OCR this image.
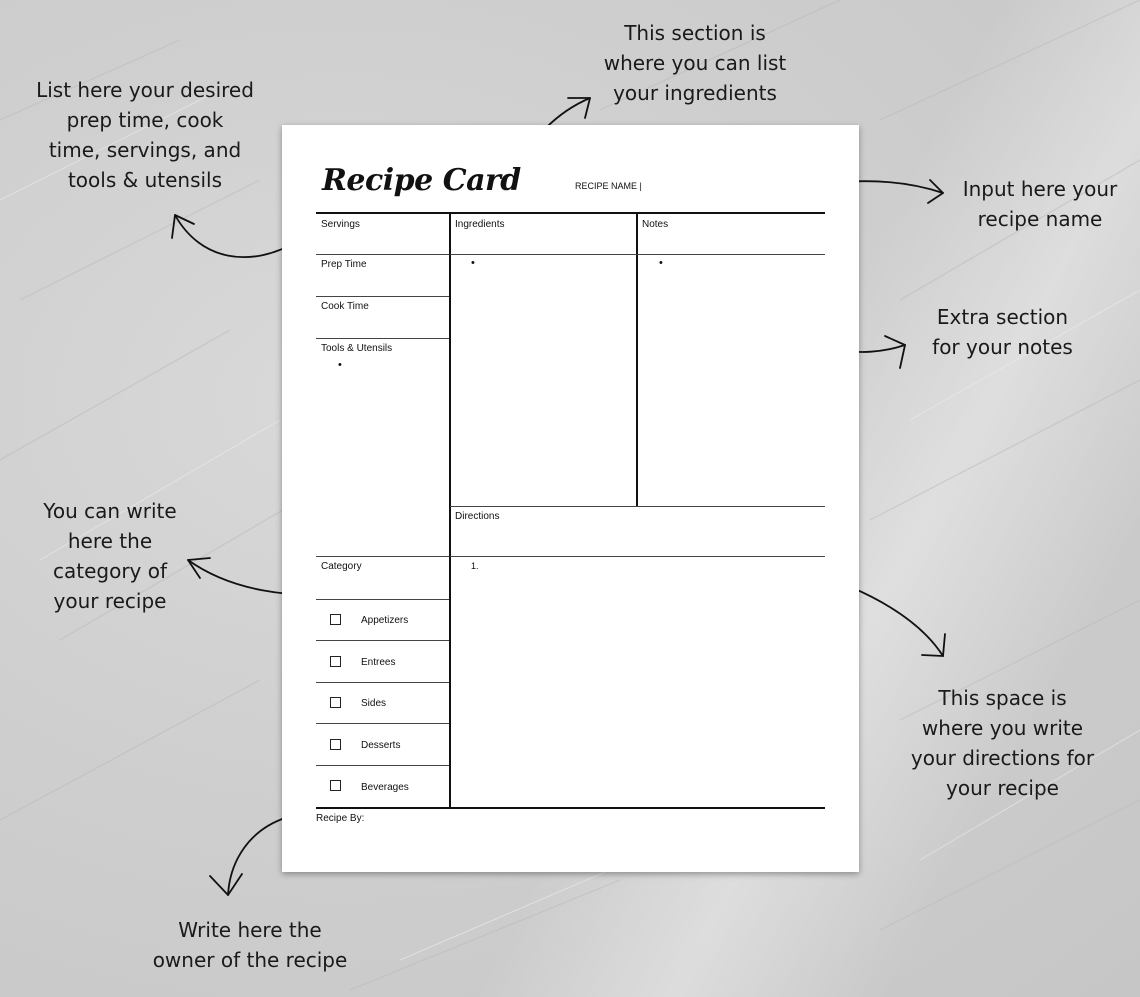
List here your desired
prep time, cook
time, servings, and
tools & utensils
This section is
where you can list
your ingredients
Input here your
recipe name
Extra section
for your notes
You can write
here the
category of
your recipe
This space is
where you write
your directions for
your recipe
Write here the
owner of the recipe
Recipe Card	RECIPE NAME |
Servings
Prep Time
Cook Time
Tools & Utensils
•
Ingredients	Notes
•	•
Directions
1.
Category
Appetizers
Entrees
Sides
Desserts
Beverages
Recipe By:
